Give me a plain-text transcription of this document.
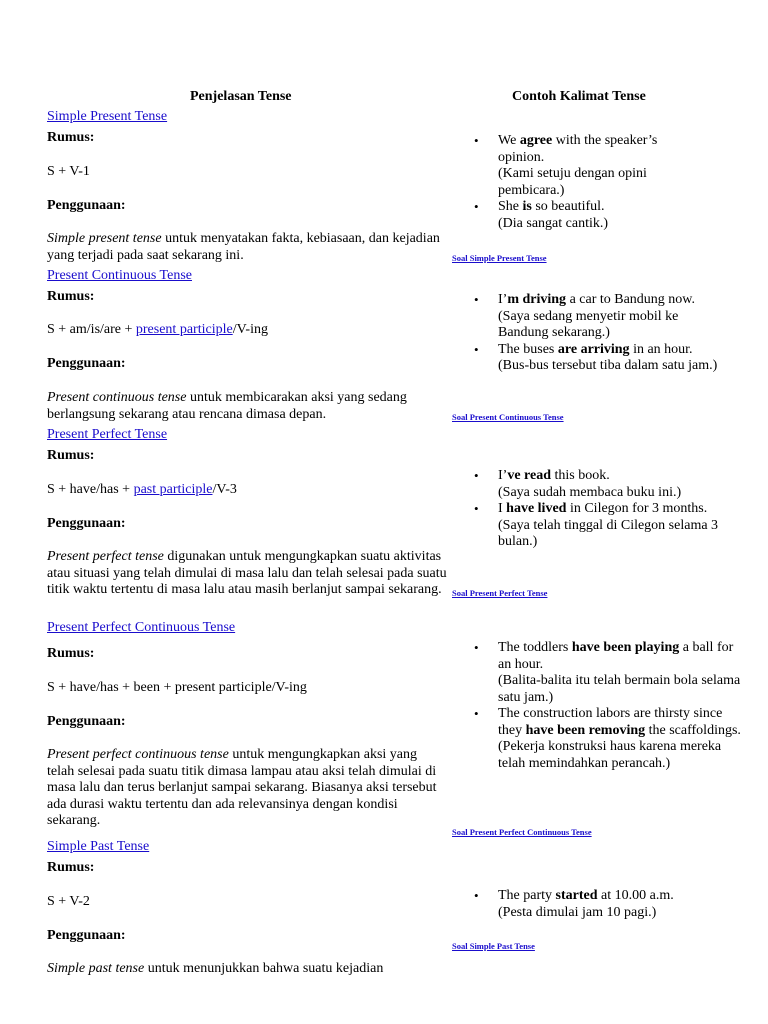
Penjelasan Tense	Contoh Kalimat Tense
Simple Present Tense
Rumus:
S + V-1
Penggunaan:
Simple present tense untuk menyatakan fakta, kebiasaan, dan kejadian yang terjadi pada saat sekarang ini.
Present Continuous Tense
Rumus:
S + am/is/are + present participle/V-ing
Penggunaan:
Present continuous tense untuk membicarakan aksi yang sedang berlangsung sekarang atau rencana dimasa depan.
Present Perfect Tense
Rumus:
S + have/has + past participle/V-3
Penggunaan:
Present perfect tense digunakan untuk mengungkapkan suatu aktivitas atau situasi yang telah dimulai di masa lalu dan telah selesai pada suatu titik waktu tertentu di masa lalu atau masih berlanjut sampai sekarang.
Present Perfect Continuous Tense
Rumus:
S + have/has + been + present participle/V-ing
Penggunaan:
Present perfect continuous tense untuk mengungkapkan aksi yang telah selesai pada suatu titik dimasa lampau atau aksi telah dimulai di masa lalu dan terus berlanjut sampai sekarang. Biasanya aksi tersebut ada durasi waktu tertentu dan ada relevansinya dengan kondisi sekarang.
Simple Past Tense
Rumus:
S + V-2
Penggunaan:
Simple past tense untuk menunjukkan bahwa suatu kejadian
• We agree with the speaker’s opinion.
(Kami setuju dengan opini pembicara.)
• She is so beautiful.
(Dia sangat cantik.)
Soal Simple Present Tense
• I’m driving a car to Bandung now.
(Saya sedang menyetir mobil ke Bandung sekarang.)
• The buses are arriving in an hour.
(Bus-bus tersebut tiba dalam satu jam.)
Soal Present Continuous Tense
• I’ve read this book.
(Saya sudah membaca buku ini.)
• I have lived in Cilegon for 3 months.
(Saya telah tinggal di Cilegon selama 3 bulan.)
Soal Present Perfect Tense
• The toddlers have been playing a ball for an hour.
(Balita-balita itu telah bermain bola selama satu jam.)
• The construction labors are thirsty since they have been removing the scaffoldings.
(Pekerja konstruksi haus karena mereka telah memindahkan perancah.)
Soal Present Perfect Continuous Tense
• The party started at 10.00 a.m.
(Pesta dimulai jam 10 pagi.)
Soal Simple Past Tense
